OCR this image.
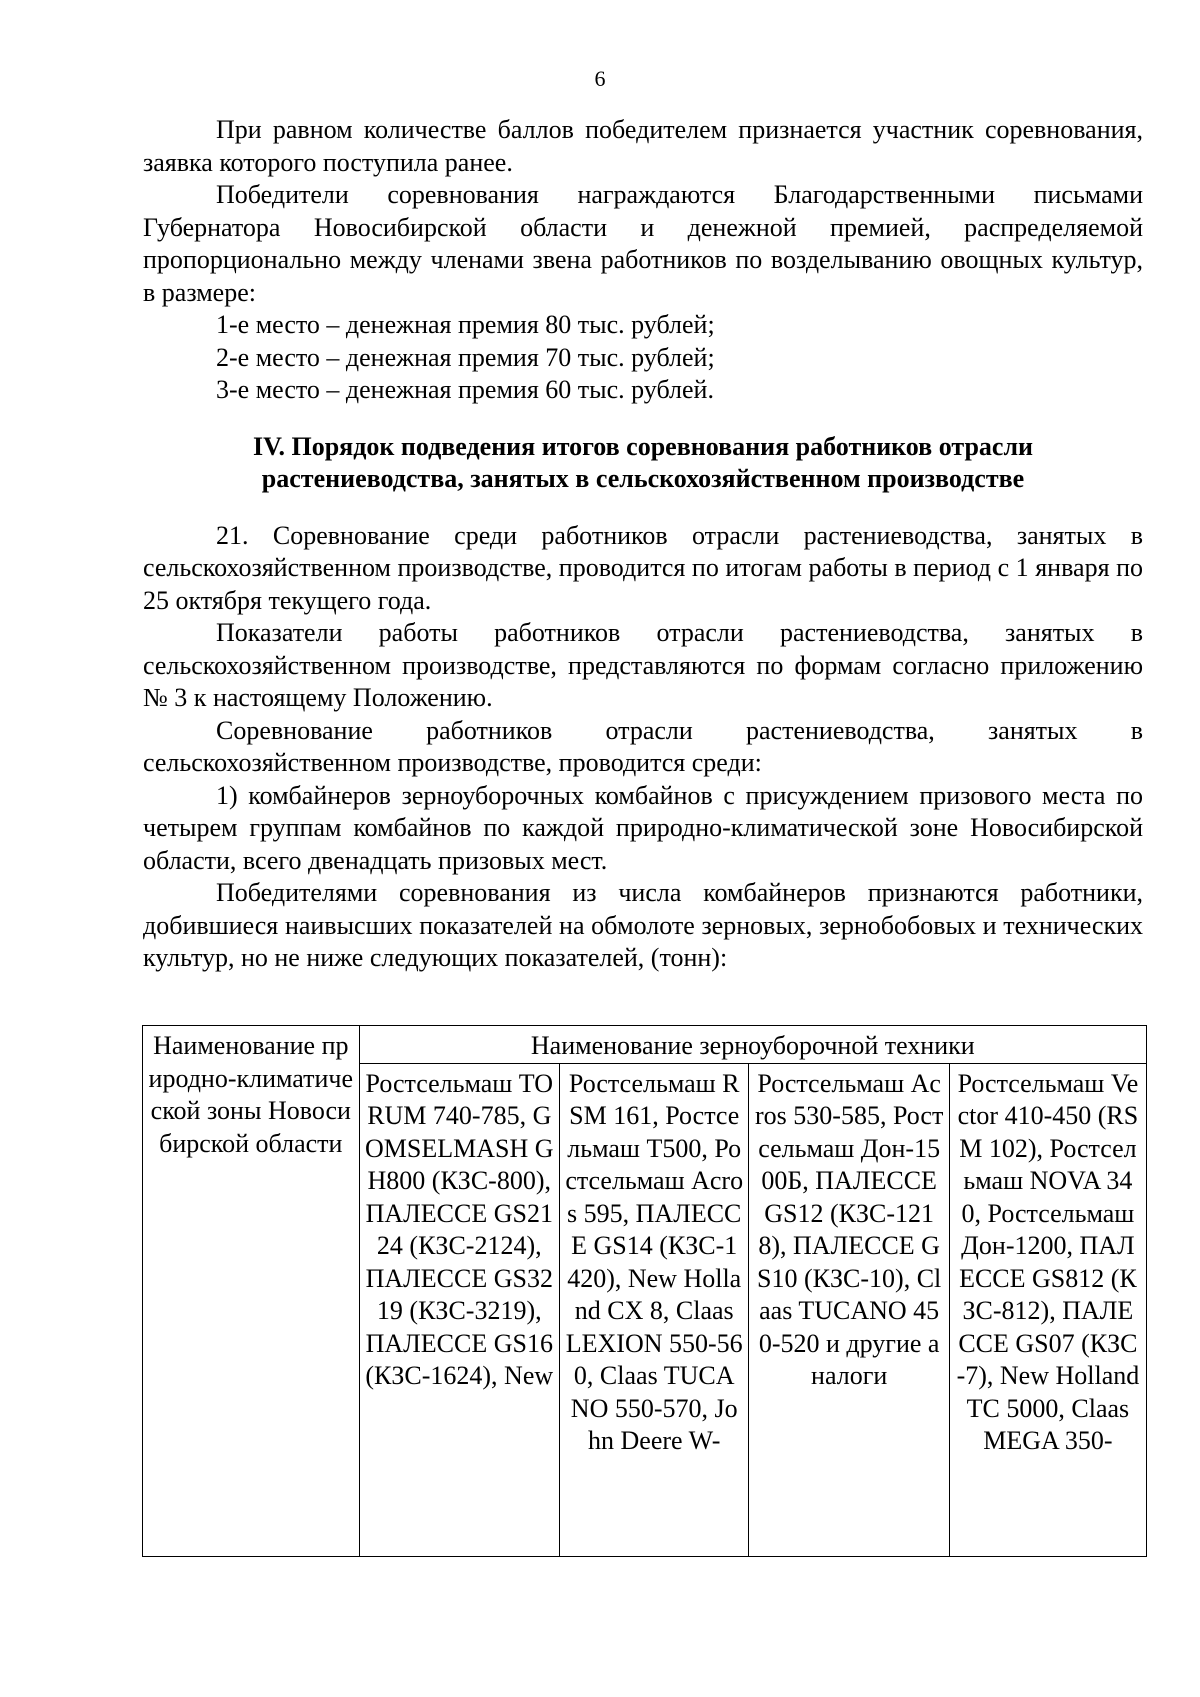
6

При равном количестве баллов победителем признается участник соревнования, заявка которого поступила ранее.

Победители соревнования награждаются Благодарственными письмами Губернатора Новосибирской области и денежной премией, распределяемой пропорционально между членами звена работников по возделыванию овощных культур, в размере:

1-е место – денежная премия 80 тыс. рублей;

2-е место – денежная премия 70 тыс. рублей;

3-е место – денежная премия 60 тыс. рублей.

IV. Порядок подведения итогов соревнования работников отрасли
растениеводства, занятых в сельскохозяйственном производстве

21. Соревнование среди работников отрасли растениеводства, занятых в сельскохозяйственном производстве, проводится по итогам работы в период с 1 января по 25 октября текущего года.

Показатели работы работников отрасли растениеводства, занятых в сельскохозяйственном производстве, представляются по формам согласно приложению № 3 к настоящему Положению.

Соревнование работников отрасли растениеводства, занятых в сельскохозяйственном производстве, проводится среди:

1) комбайнеров зерноуборочных комбайнов с присуждением призового места по четырем группам комбайнов по каждой природно-климатической зоне Новосибирской области, всего двенадцать призовых мест.

Победителями соревнования из числа комбайнеров признаются работники, добившиеся наивысших показателей на обмолоте зерновых, зернобобовых и технических культур, но не ниже следующих показателей, (тонн):

Наименование природно-климатической зоны Новосибирской области	Наименование зерноуборочной техники			

	Ростсельмаш TORUM 740-785, GOMSELMASH GH800 (КЗС-800), ПАЛЕССЕ GS2124 (КЗС-2124), ПАЛЕССЕ GS3219 (КЗС-3219), ПАЛЕССЕ GS16 (КЗС-1624), New	Ростсельмаш RSM 161, Ростсельмаш Т500, Ростсельмаш Acros 595, ПАЛЕССЕ GS14 (КЗС-1420), New Holland CX 8, Claas LEXION 550-560, Claas TUCANO 550-570, John Deere W-	Ростсельмаш Acros 530-585, Ростсельмаш Дон-1500Б, ПАЛЕССЕ GS12 (КЗС-1218), ПАЛЕССЕ GS10 (КЗС-10), Claas TUCANO 450-520 и другие аналоги	Ростсельмаш Vector 410-450 (RSM 102), Ростсельмаш NOVA 340, Ростсельмаш Дон-1200, ПАЛЕССЕ GS812 (КЗС-812), ПАЛЕССЕ GS07 (КЗС-7), New Holland TC 5000, Claas MEGA 350-
